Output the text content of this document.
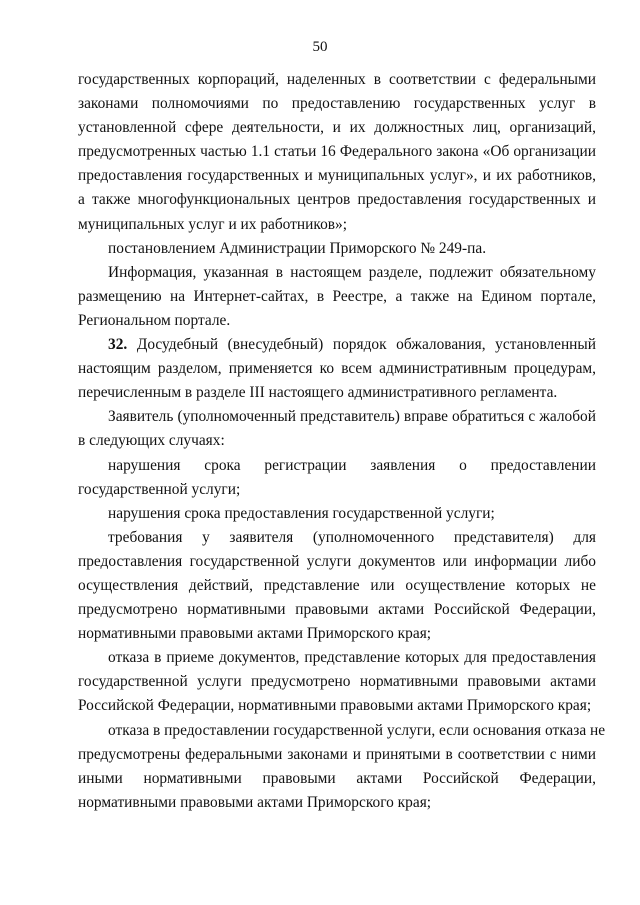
50
государственных корпораций, наделенных в соответствии с федеральными
законами полномочиями по предоставлению государственных услуг в
установленной сфере деятельности, и их должностных лиц, организаций,
предусмотренных частью 1.1 статьи 16 Федерального закона «Об организации
предоставления государственных и муниципальных услуг», и их работников,
а также многофункциональных центров предоставления государственных и
муниципальных услуг и их работников»;
постановлением Администрации Приморского № 249-па.
Информация, указанная в настоящем разделе, подлежит обязательному
размещению на Интернет-сайтах, в Реестре, а также на Едином портале,
Региональном портале.
32. Досудебный (внесудебный) порядок обжалования, установленный
настоящим разделом, применяется ко всем административным процедурам,
перечисленным в разделе III настоящего административного регламента.
Заявитель (уполномоченный представитель) вправе обратиться с жалобой
в следующих случаях:
нарушения срока регистрации заявления о предоставлении
государственной услуги;
нарушения срока предоставления государственной услуги;
требования у заявителя (уполномоченного представителя) для
предоставления государственной услуги документов или информации либо
осуществления действий, представление или осуществление которых не
предусмотрено нормативными правовыми актами Российской Федерации,
нормативными правовыми актами Приморского края;
отказа в приеме документов, представление которых для предоставления
государственной услуги предусмотрено нормативными правовыми актами
Российской Федерации, нормативными правовыми актами Приморского края;
отказа в предоставлении государственной услуги, если основания отказа не
предусмотрены федеральными законами и принятыми в соответствии с ними
иными нормативными правовыми актами Российской Федерации,
нормативными правовыми актами Приморского края;
